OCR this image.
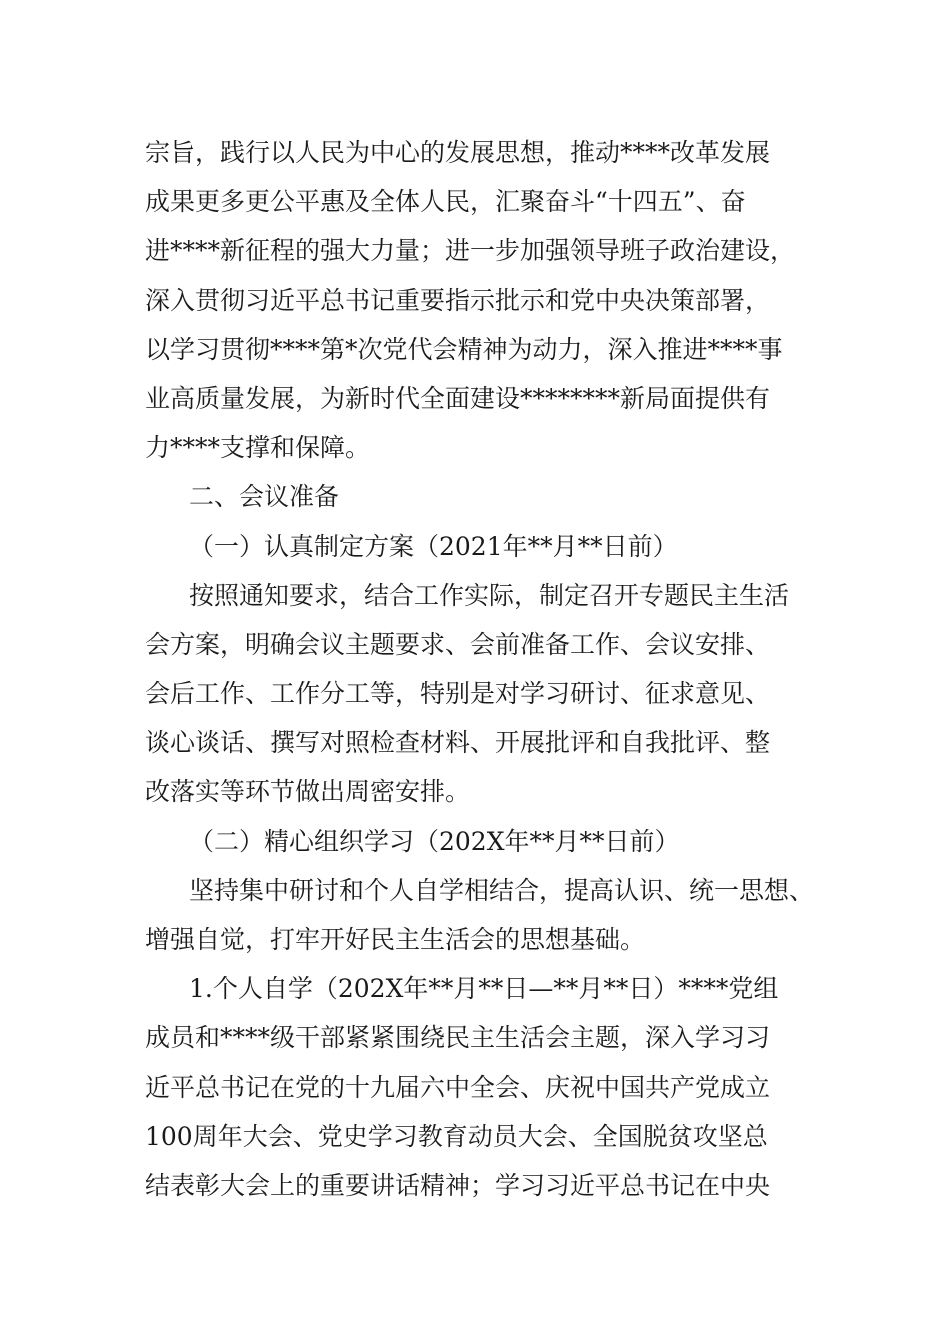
宗旨，践行以人民为中心的发展思想，推动****改革发展
成果更多更公平惠及全体人民，汇聚奋斗“十四五”、奋
进****新征程的强大力量；进一步加强领导班子政治建设，
深入贯彻习近平总书记重要指示批示和党中央决策部署，
以学习贯彻****第*次党代会精神为动力，深入推进****事
业高质量发展，为新时代全面建设********新局面提供有
力****支撑和保障。
二、会议准备
（一）认真制定方案（2021年**月**日前）
按照通知要求，结合工作实际，制定召开专题民主生活
会方案，明确会议主题要求、会前准备工作、会议安排、
会后工作、工作分工等，特别是对学习研讨、征求意见、
谈心谈话、撰写对照检查材料、开展批评和自我批评、整
改落实等环节做出周密安排。
（二）精心组织学习（202X年**月**日前）
坚持集中研讨和个人自学相结合，提高认识、统一思想、
增强自觉，打牢开好民主生活会的思想基础。
1.个人自学（202X年**月**日—**月**日）****党组
成员和****级干部紧紧围绕民主生活会主题，深入学习习
近平总书记在党的十九届六中全会、庆祝中国共产党成立
100周年大会、党史学习教育动员大会、全国脱贫攻坚总
结表彰大会上的重要讲话精神；学习习近平总书记在中央
